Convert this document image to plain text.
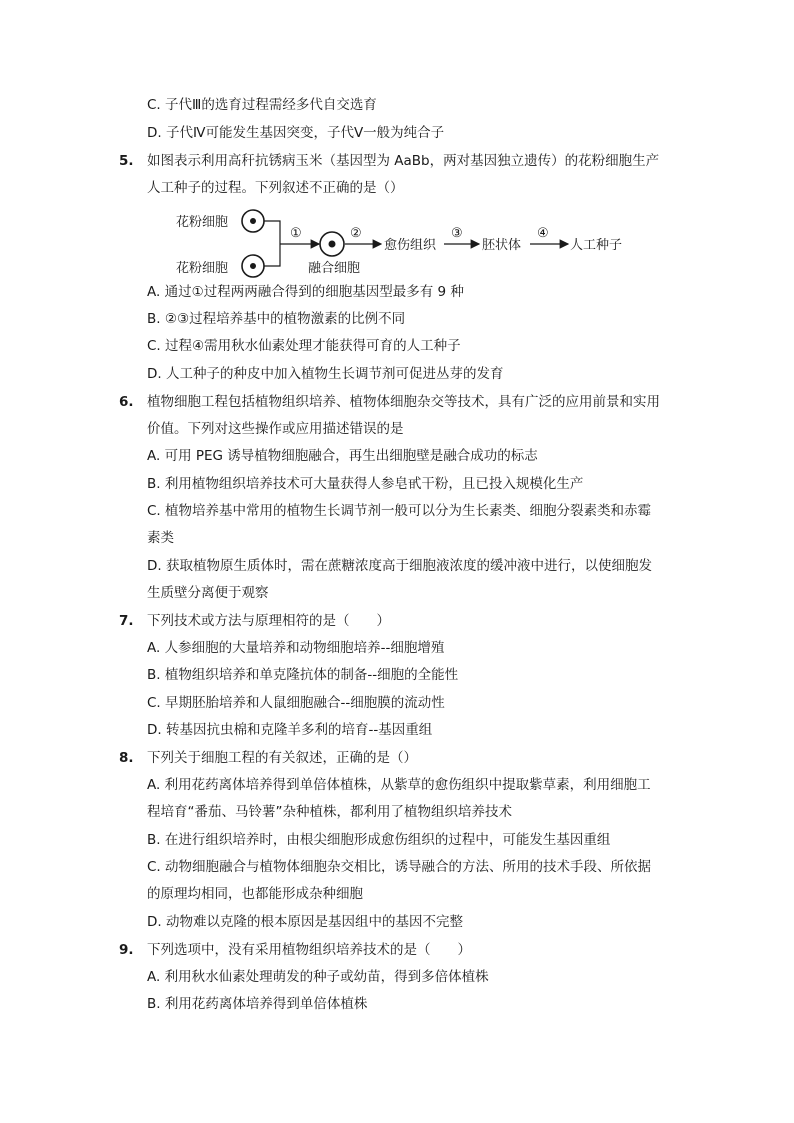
C. 子代Ⅲ的选育过程需经多代自交选育
D. 子代Ⅳ可能发生基因突变，子代Ⅴ一般为纯合子
5. 如图表示利用高秆抗锈病玉米（基因型为 AaBb，两对基因独立遗传）的花粉细胞生产
人工种子的过程。下列叙述不正确的是（）
花粉细胞
花粉细胞
①
融合细胞
②
愈伤组织
③
胚状体
④
人工种子
A. 通过①过程两两融合得到的细胞基因型最多有 9 种
B. ②③过程培养基中的植物激素的比例不同
C. 过程④需用秋水仙素处理才能获得可育的人工种子
D. 人工种子的种皮中加入植物生长调节剂可促进丛芽的发育
6. 植物细胞工程包括植物组织培养、植物体细胞杂交等技术，具有广泛的应用前景和实用
价值。下列对这些操作或应用描述错误的是
A. 可用 PEG 诱导植物细胞融合，再生出细胞壁是融合成功的标志
B. 利用植物组织培养技术可大量获得人参皂甙干粉，且已投入规模化生产
C. 植物培养基中常用的植物生长调节剂一般可以分为生长素类、细胞分裂素类和赤霉
素类
D. 获取植物原生质体时，需在蔗糖浓度高于细胞液浓度的缓冲液中进行，以使细胞发
生质壁分离便于观察
7. 下列技术或方法与原理相符的是（　　）
A. 人参细胞的大量培养和动物细胞培养--细胞增殖
B. 植物组织培养和单克隆抗体的制备--细胞的全能性
C. 早期胚胎培养和人鼠细胞融合--细胞膜的流动性
D. 转基因抗虫棉和克隆羊多利的培育--基因重组
8. 下列关于细胞工程的有关叙述，正确的是（）
A. 利用花药离体培养得到单倍体植株，从紫草的愈伤组织中提取紫草素，利用细胞工
程培育“番茄、马铃薯”杂种植株，都利用了植物组织培养技术
B. 在进行组织培养时，由根尖细胞形成愈伤组织的过程中，可能发生基因重组
C. 动物细胞融合与植物体细胞杂交相比，诱导融合的方法、所用的技术手段、所依据
的原理均相同，也都能形成杂种细胞
D. 动物难以克隆的根本原因是基因组中的基因不完整
9. 下列选项中，没有采用植物组织培养技术的是（　　）
A. 利用秋水仙素处理萌发的种子或幼苗，得到多倍体植株
B. 利用花药离体培养得到单倍体植株
